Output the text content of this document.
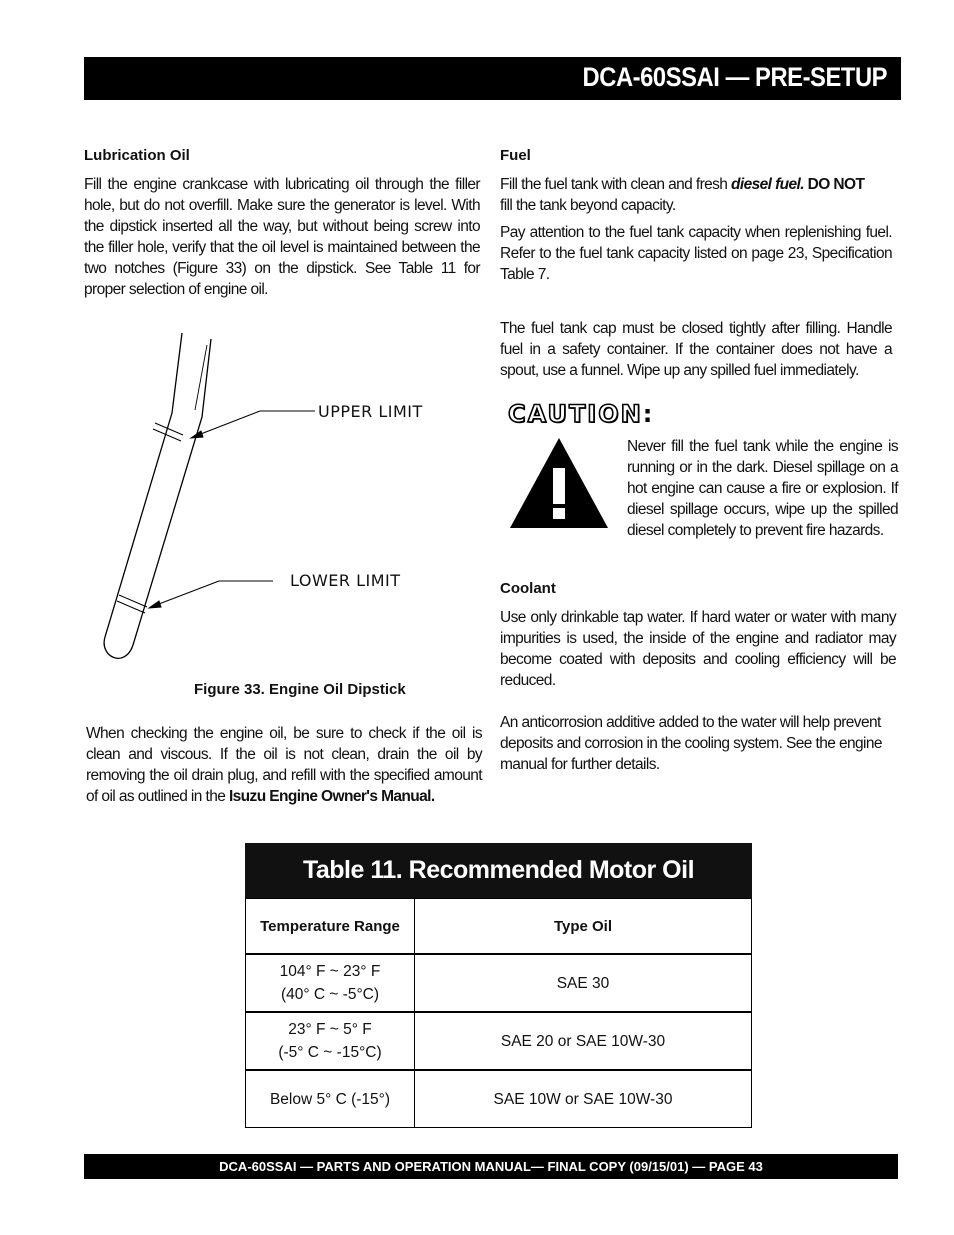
DCA-60SSAI — PRE-SETUP
Lubrication Oil

Fill the engine crankcase with lubricating oil through the filler hole, but do not overfill. Make sure the generator is level. With the dipstick inserted all the way, but without being screw into the filler hole, verify that the oil level is maintained between the two notches (Figure 33) on the dipstick. See Table 11 for proper selection of engine oil.

UPPER LIMIT
LOWER LIMIT
Figure 33. Engine Oil Dipstick

When checking the engine oil, be sure to check if the oil is clean and viscous. If the oil is not clean, drain the oil by removing the oil drain plug, and refill with the specified amount of oil as outlined in the Isuzu Engine Owner's Manual.

Fuel

Fill the fuel tank with clean and fresh diesel fuel. DO NOT
fill the tank beyond capacity.

Pay attention to the fuel tank capacity when replenishing fuel. Refer to the fuel tank capacity listed on page 23, Specification Table 7.

The fuel tank cap must be closed tightly after filling. Handle fuel in a safety container. If the container does not have a spout, use a funnel. Wipe up any spilled fuel immediately.

CAUTION:

Never fill the fuel tank while the engine is running or in the dark. Diesel spillage on a hot engine can cause a fire or explosion. If diesel spillage occurs, wipe up the spilled diesel completely to prevent fire hazards.

Coolant

Use only drinkable tap water. If hard water or water with many impurities is used, the inside of the engine and radiator may become coated with deposits and cooling efficiency will be reduced.

An anticorrosion additive added to the water will help prevent deposits and corrosion in the cooling system. See the engine manual for further details.

Table 11. Recommended Motor Oil
Temperature Range	Type Oil
104° F ~ 23° F
(40° C ~ -5°C)
SAE 30
23° F ~ 5° F
(-5° C ~ -15°C)
SAE 20 or SAE 10W-30
Below 5° C (-15°)	SAE 10W or SAE 10W-30
DCA-60SSAI — PARTS AND OPERATION MANUAL— FINAL COPY (09/15/01) — PAGE 43
